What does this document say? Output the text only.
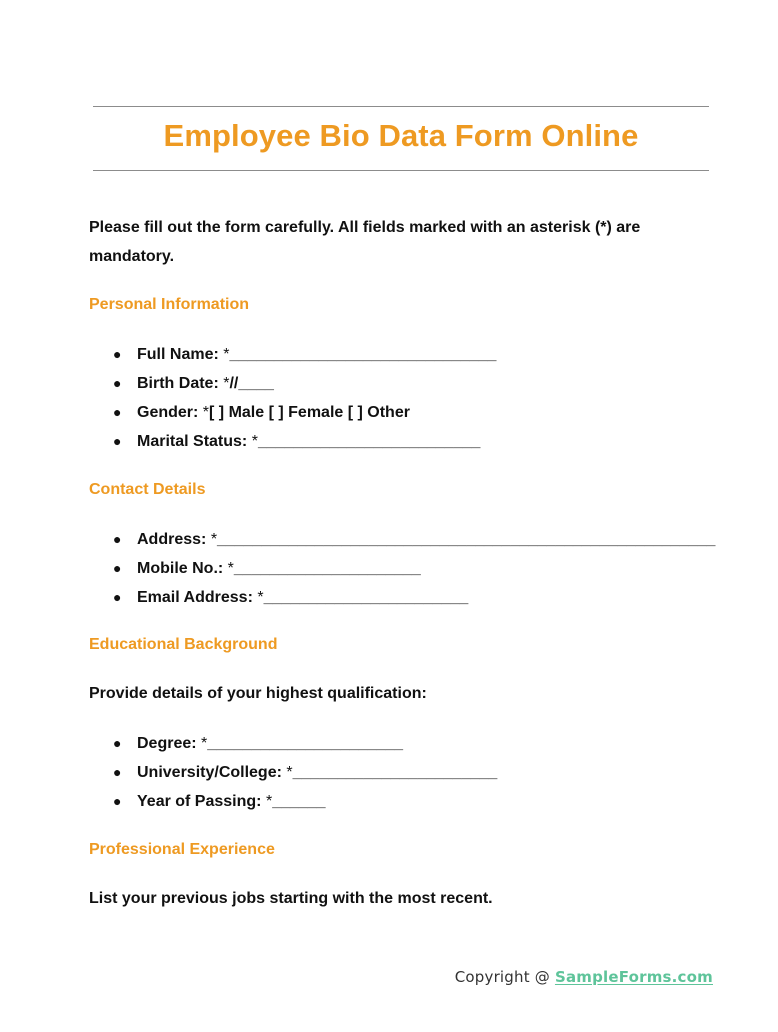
Employee Bio Data Form Online

Please fill out the form carefully. All fields marked with an asterisk (*) are mandatory.

Personal Information
● Full Name: *______________________________
● Birth Date: *//____
● Gender: *[ ] Male [ ] Female [ ] Other
● Marital Status: *_________________________
Contact Details
● Address: *________________________________________________________
● Mobile No.: *_____________________
● Email Address: *_______________________
Educational Background
Provide details of your highest qualification:
● Degree: *______________________
● University/College: *_______________________
● Year of Passing: *______
Professional Experience
List your previous jobs starting with the most recent.
Copyright @ SampleForms.com
